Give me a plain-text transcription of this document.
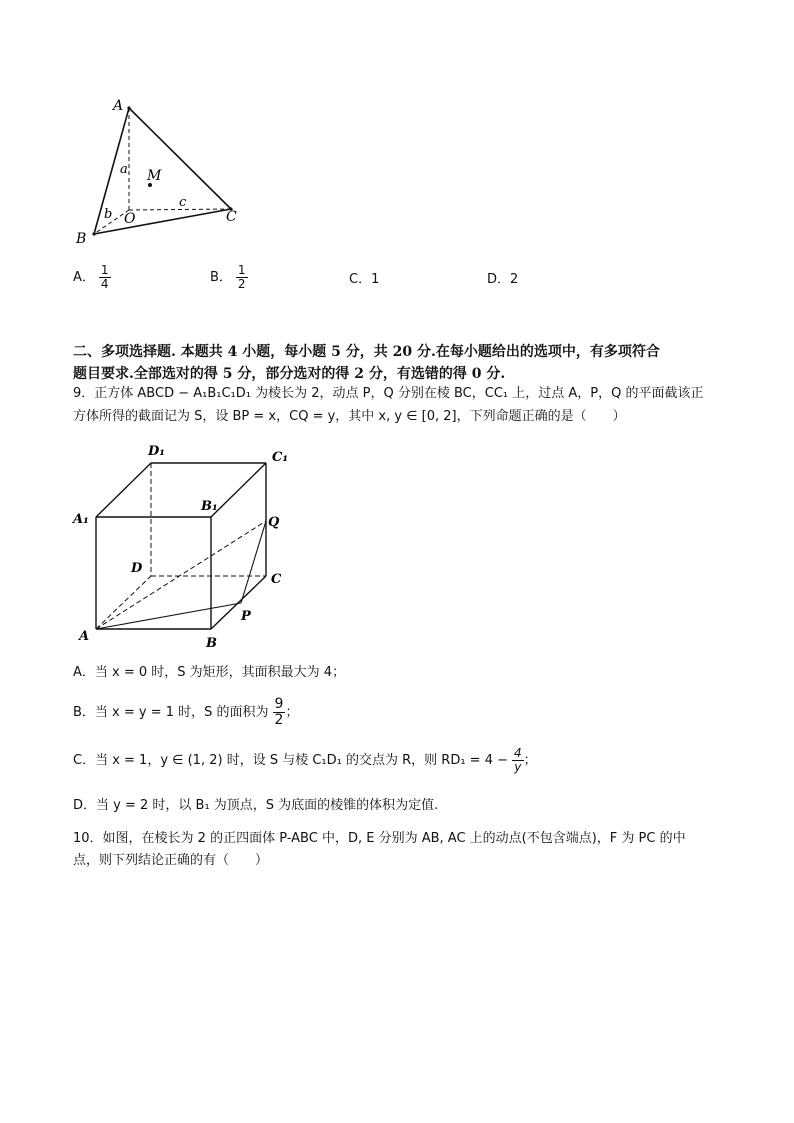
A
B
C
O
M
a
b
c
A． $\frac{1}{4}$	B． $\frac{1}{2}$	C．1	D．2
二、多项选择题. 本题共 4 小题，每小题 5 分，共 20 分.在每小题给出的选项中，有多项符合
题目要求.全部选对的得 5 分，部分选对的得 2 分，有选错的得 0 分.
9．正方体 ABCD − A₁B₁C₁D₁ 为棱长为 2，动点 P，Q 分别在棱 BC，CC₁ 上，过点 A，P，Q 的平面截该正
方体所得的截面记为 S，设 BP = x，CQ = y，其中 x, y ∈ [0, 2]，下列命题正确的是（　　）
D₁	C₁
A₁
B₁
Q
D
C
P
A	B
A．当 x = 0 时，S 为矩形，其面积最大为 4；
B．当 x = y = 1 时，S 的面积为 $\frac{9}{2}$ ；
C．当 x = 1，y ∈ (1, 2) 时，设 S 与棱 C₁D₁ 的交点为 R，则 $RD_1 = 4 - \frac{4}{y}$ ；
D．当 y = 2 时，以 B₁ 为顶点，S 为底面的棱锥的体积为定值.
10．如图，在棱长为 2 的正四面体 P-ABC 中，D, E 分别为 AB, AC 上的动点(不包含端点)，F 为 PC 的中
点，则下列结论正确的有（　　）
